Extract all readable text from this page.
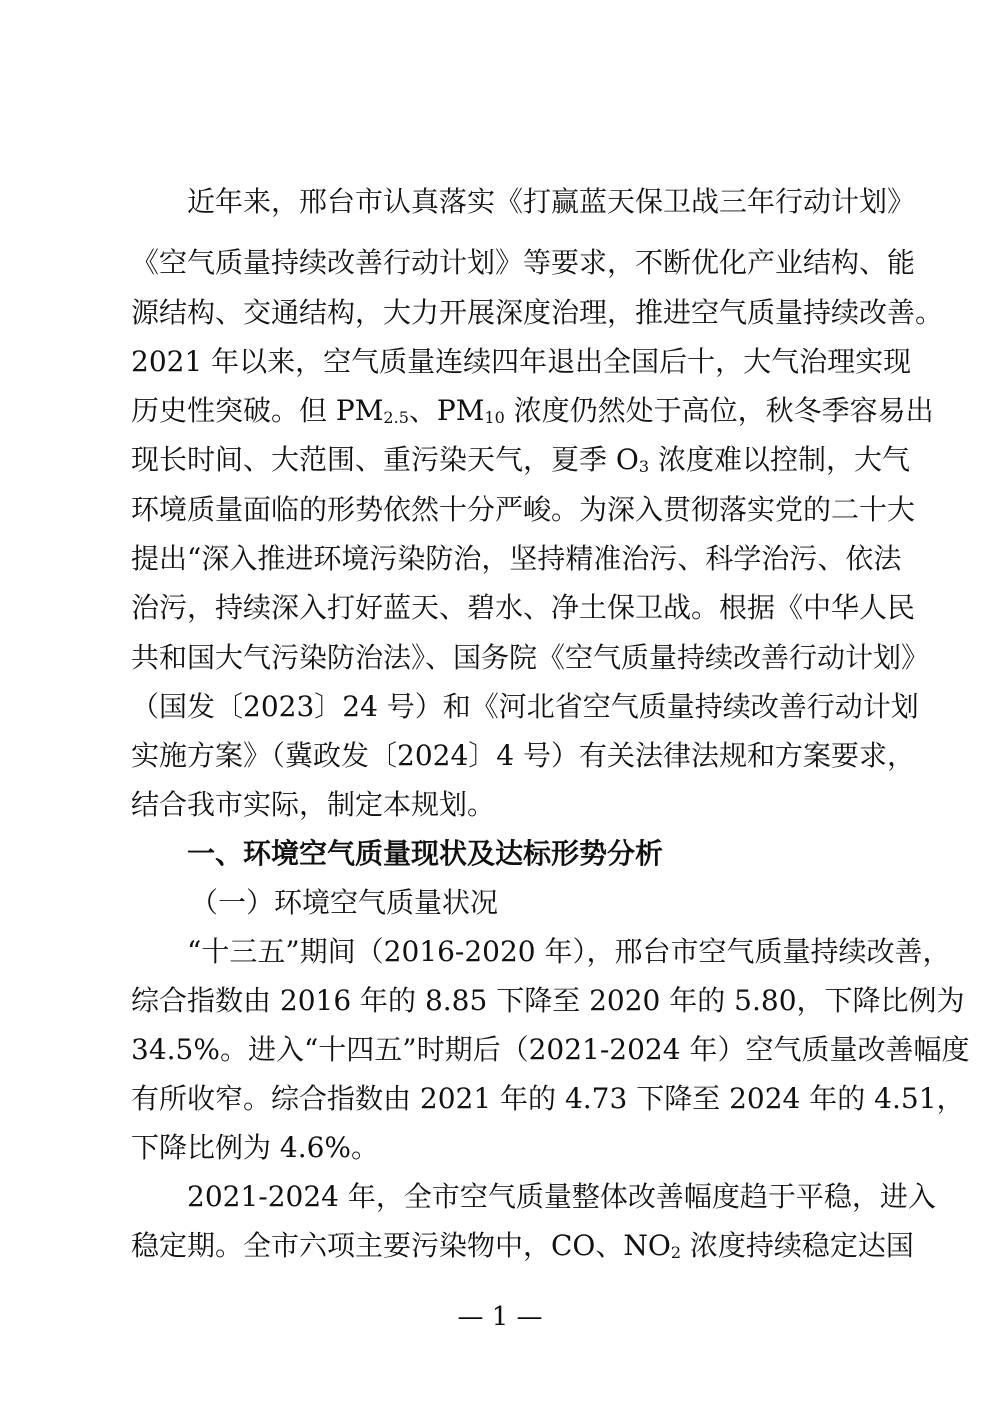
近年来，邢台市认真落实《打赢蓝天保卫战三年行动计划》
《空气质量持续改善行动计划》等要求，不断优化产业结构、能
源结构、交通结构，大力开展深度治理，推进空气质量持续改善。
2021 年以来，空气质量连续四年退出全国后十，大气治理实现
历史性突破。但 $PM_{2.5}$、$PM_{10}$ 浓度仍然处于高位，秋冬季容易出
现长时间、大范围、重污染天气，夏季 $O_3$ 浓度难以控制，大气
环境质量面临的形势依然十分严峻。为深入贯彻落实党的二十大
提出“深入推进环境污染防治，坚持精准治污、科学治污、依法
治污，持续深入打好蓝天、碧水、净土保卫战。根据《中华人民
共和国大气污染防治法》、国务院《空气质量持续改善行动计划》
（国发〔2023〕24 号）和《河北省空气质量持续改善行动计划
实施方案》（冀政发〔2024〕4 号）有关法律法规和方案要求，
结合我市实际，制定本规划。
一、环境空气质量现状及达标形势分析
（一）环境空气质量状况
“十三五”期间（2016-2020 年），邢台市空气质量持续改善，
综合指数由 2016 年的 8.85 下降至 2020 年的 5.80，下降比例为
34.5%。进入“十四五”时期后（2021-2024 年）空气质量改善幅度
有所收窄。综合指数由 2021 年的 4.73 下降至 2024 年的 4.51，
下降比例为 4.6%。
2021-2024 年，全市空气质量整体改善幅度趋于平稳，进入
稳定期。全市六项主要污染物中，CO、$NO_2$ 浓度持续稳定达国
— 1 —
